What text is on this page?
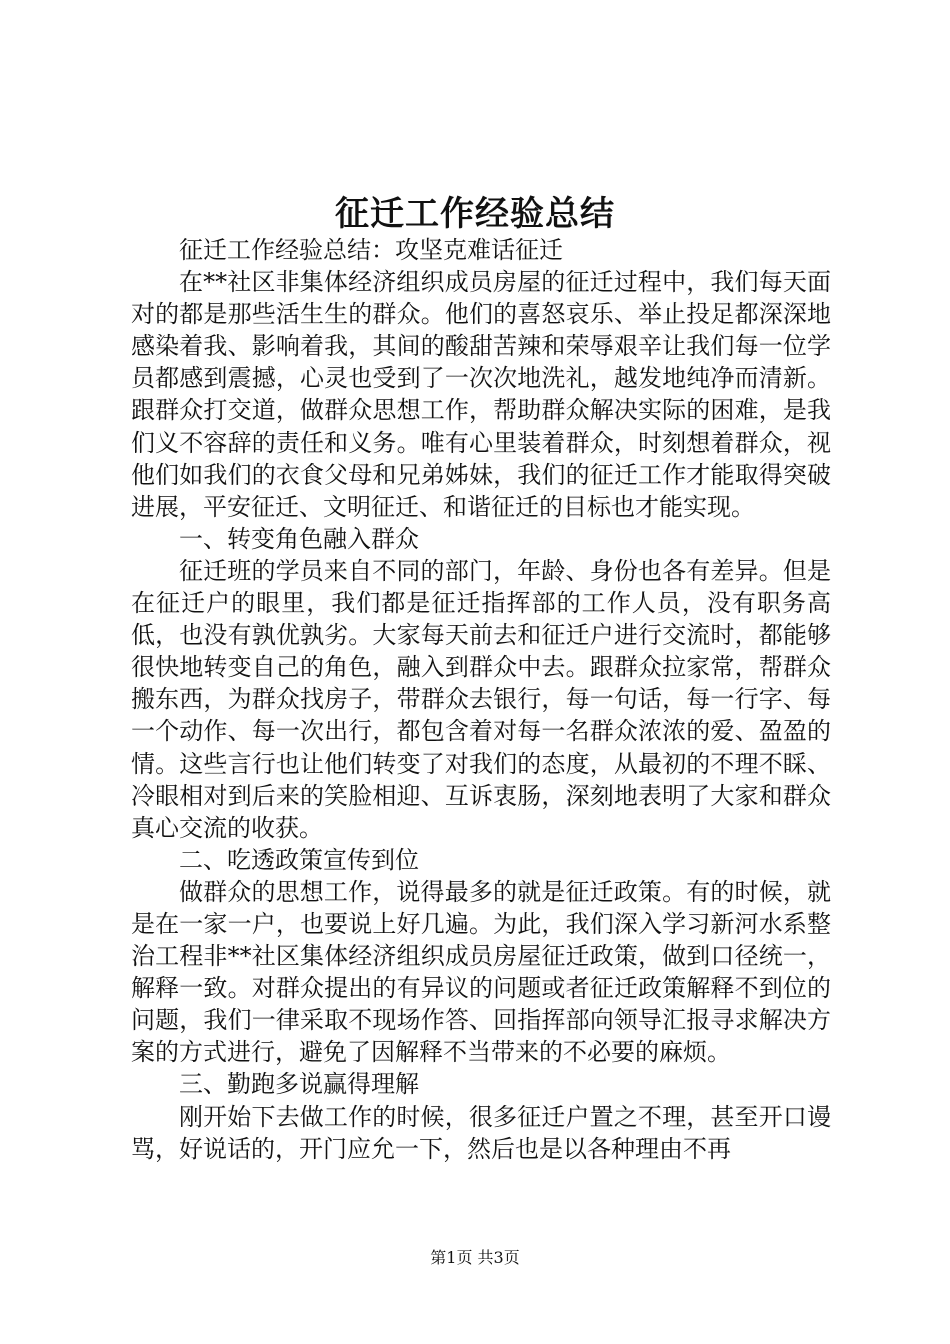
征迁工作经验总结

征迁工作经验总结：攻坚克难话征迁

在**社区非集体经济组织成员房屋的征迁过程中，我们每天面对的都是那些活生生的群众。他们的喜怒哀乐、举止投足都深深地感染着我、影响着我，其间的酸甜苦辣和荣辱艰辛让我们每一位学员都感到震撼，心灵也受到了一次次地洗礼，越发地纯净而清新。跟群众打交道，做群众思想工作，帮助群众解决实际的困难，是我们义不容辞的责任和义务。唯有心里装着群众，时刻想着群众，视他们如我们的衣食父母和兄弟姊妹，我们的征迁工作才能取得突破进展，平安征迁、文明征迁、和谐征迁的目标也才能实现。

一、转变角色融入群众

征迁班的学员来自不同的部门，年龄、身份也各有差异。但是在征迁户的眼里，我们都是征迁指挥部的工作人员，没有职务高低，也没有孰优孰劣。大家每天前去和征迁户进行交流时，都能够很快地转变自己的角色，融入到群众中去。跟群众拉家常，帮群众搬东西，为群众找房子，带群众去银行，每一句话，每一行字、每一个动作、每一次出行，都包含着对每一名群众浓浓的爱、盈盈的情。这些言行也让他们转变了对我们的态度，从最初的不理不睬、冷眼相对到后来的笑脸相迎、互诉衷肠，深刻地表明了大家和群众真心交流的收获。

二、吃透政策宣传到位

做群众的思想工作，说得最多的就是征迁政策。有的时候，就是在一家一户，也要说上好几遍。为此，我们深入学习新河水系整治工程非**社区集体经济组织成员房屋征迁政策，做到口径统一，解释一致。对群众提出的有异议的问题或者征迁政策解释不到位的问题，我们一律采取不现场作答、回指挥部向领导汇报寻求解决方案的方式进行，避免了因解释不当带来的不必要的麻烦。

三、勤跑多说赢得理解

刚开始下去做工作的时候，很多征迁户置之不理，甚至开口谩骂，好说话的，开门应允一下，然后也是以各种理由不再

第1页 共3页
